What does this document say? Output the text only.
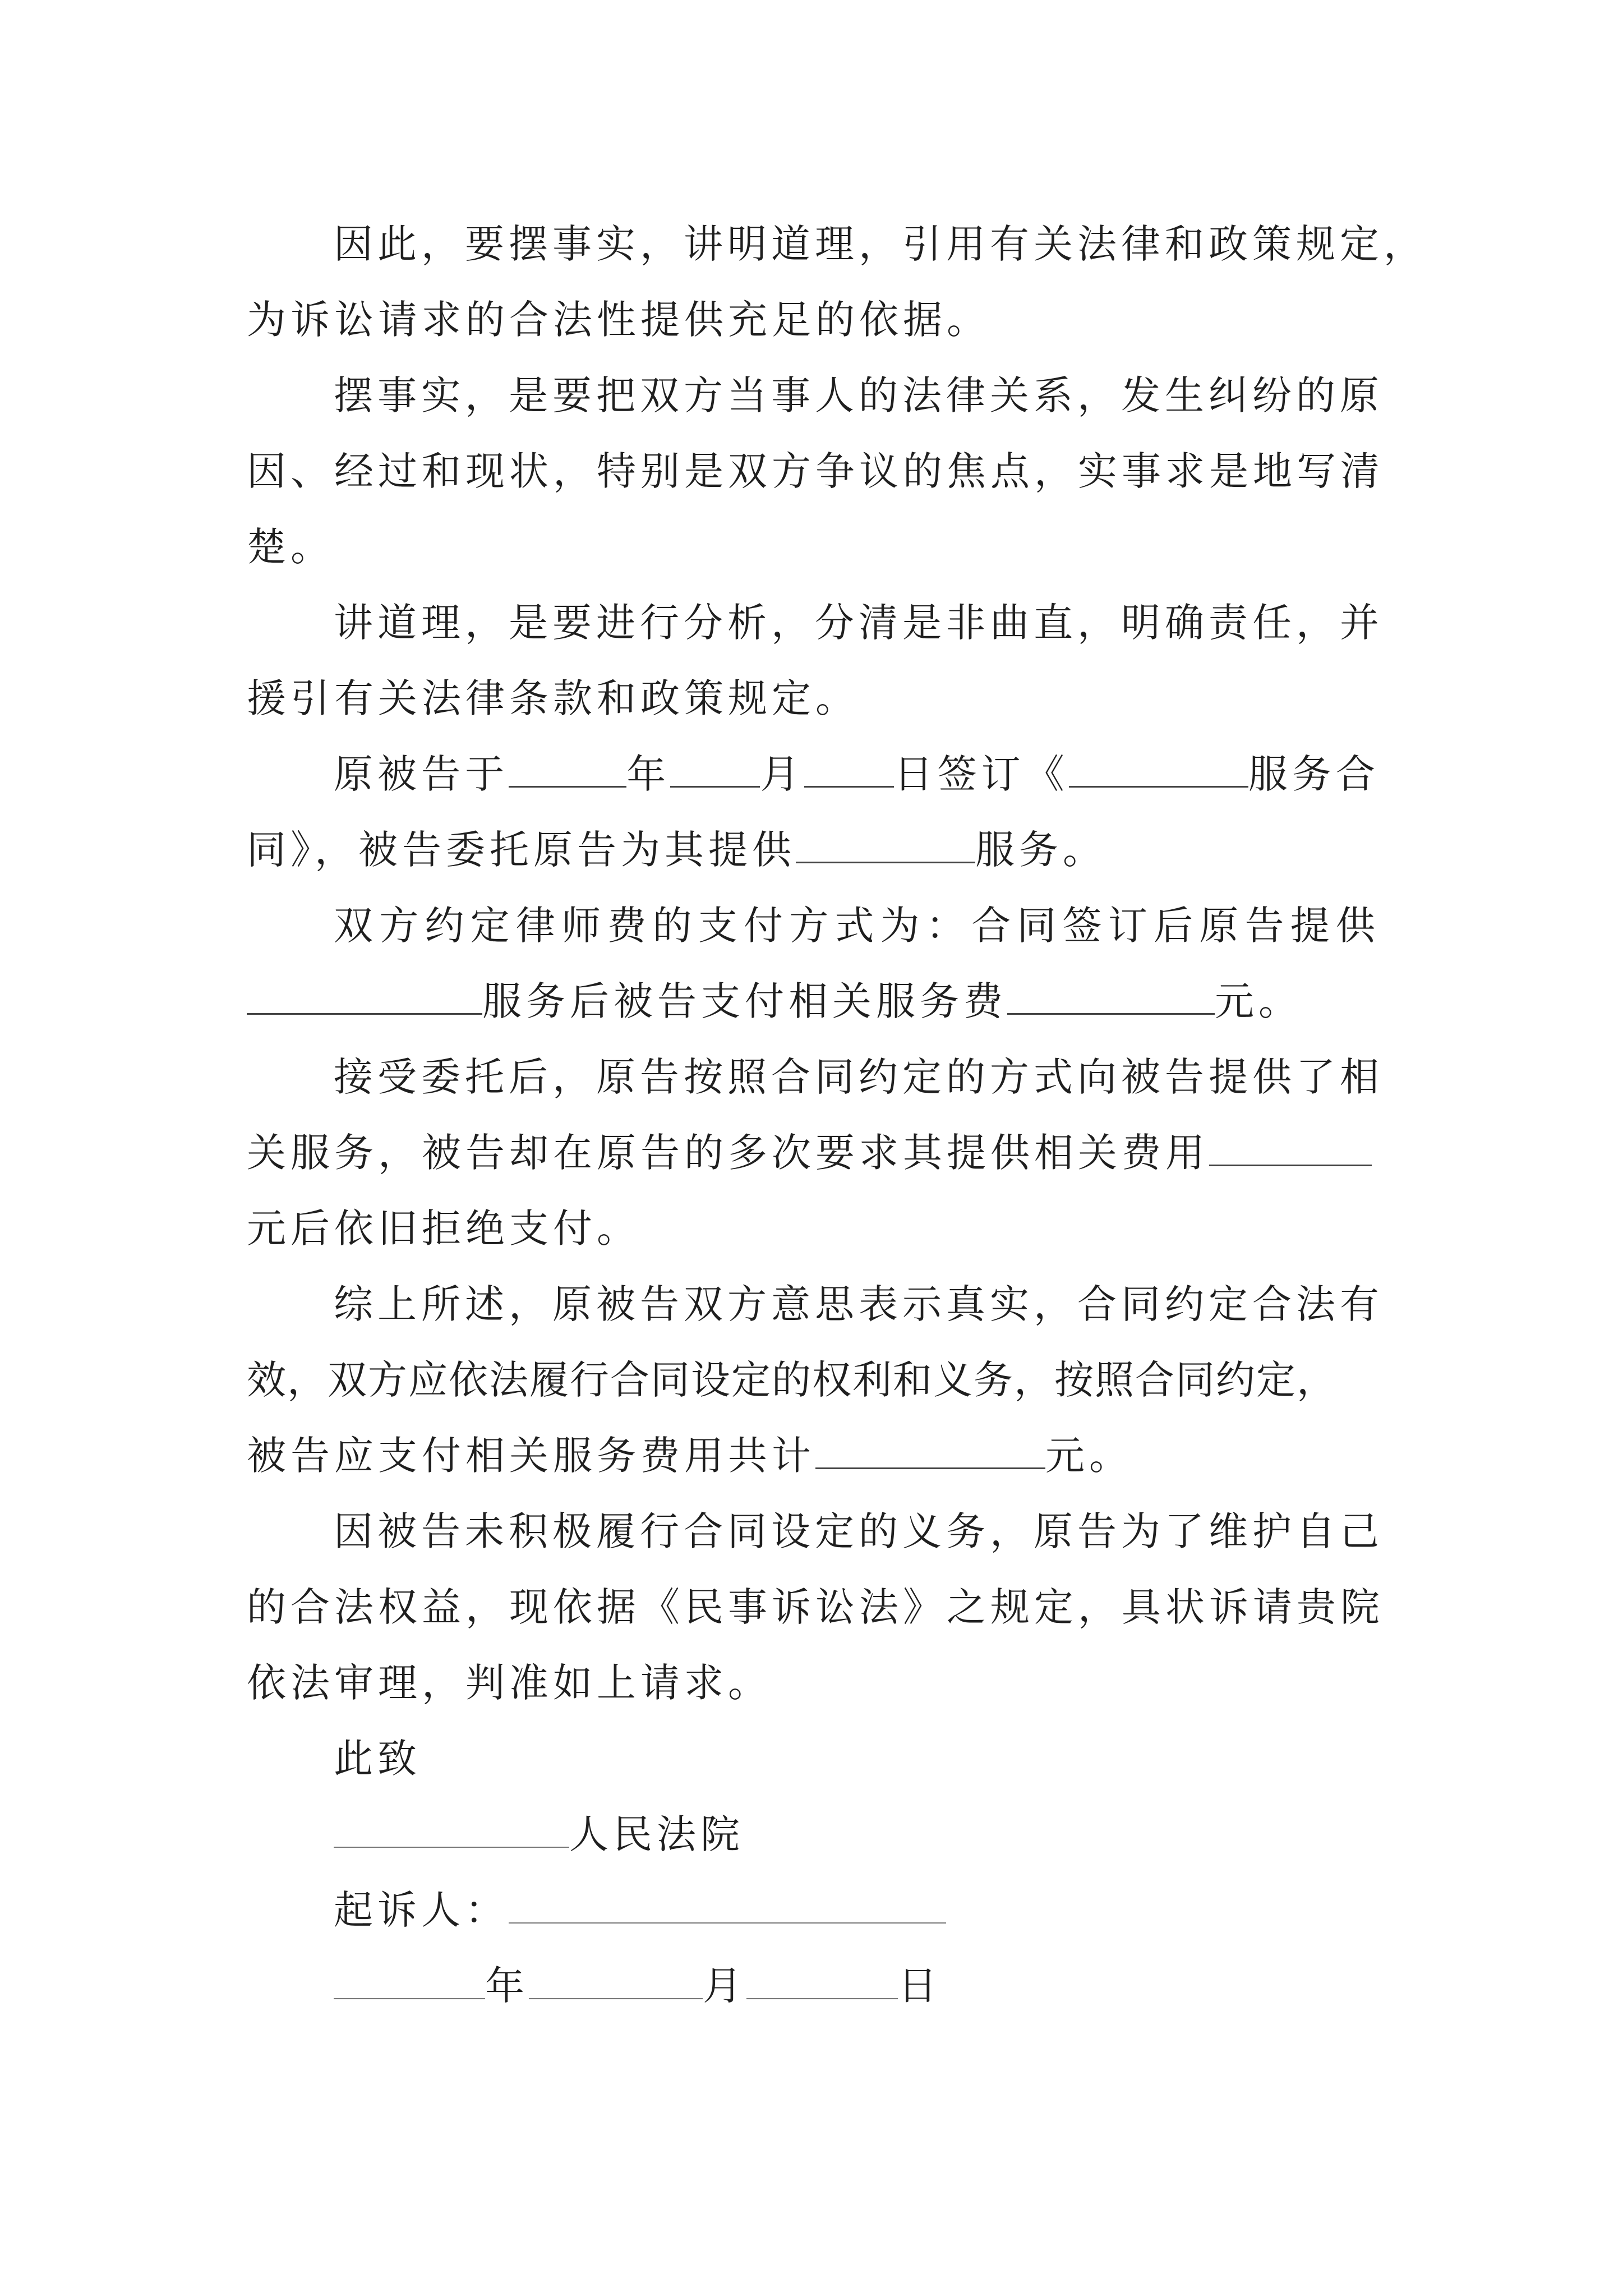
因此，要摆事实，讲明道理，引用有关法律和政策规定，
为诉讼请求的合法性提供充足的依据。
摆事实，是要把双方当事人的法律关系，发生纠纷的原
因、经过和现状，特别是双方争议的焦点，实事求是地写清
楚。
讲道理，是要进行分析，分清是非曲直，明确责任，并
援引有关法律条款和政策规定。
原被告于	年 月 日签订《	服务合
同》，被告委托原告为其提供	服务。
双方约定律师费的支付方式为：合同签订后原告提供
服务后被告支付相关服务费	元。
接受委托后，原告按照合同约定的方式向被告提供了相
关服务，被告却在原告的多次要求其提供相关费用
元后依旧拒绝支付。
综上所述，原被告双方意思表示真实，合同约定合法有
效，双方应依法履行合同设定的权利和义务，按照合同约定，
被告应支付相关服务费用共计	元。
因被告未积极履行合同设定的义务，原告为了维护自己
的合法权益，现依据《民事诉讼法》之规定，具状诉请贵院
依法审理，判准如上请求。
此致
人民法院
起诉人：
年	月	日
